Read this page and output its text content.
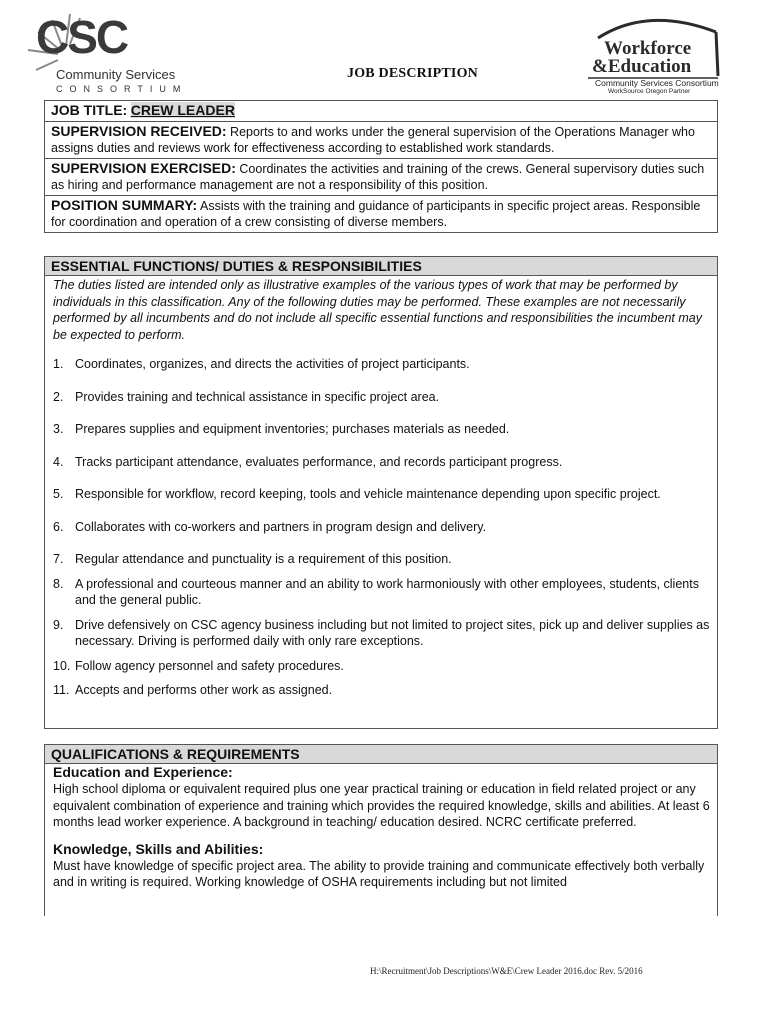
CSC
Community Services
CONSORTIUM
JOB DESCRIPTION
Workforce
&Education
Community Services Consortium
WorkSource Oregon Partner
JOB TITLE: CREW LEADER
SUPERVISION RECEIVED: Reports to and works under the general supervision of the Operations Manager who assigns duties and reviews work for effectiveness according to established work standards.
SUPERVISION EXERCISED: Coordinates the activities and training of the crews. General supervisory duties such as hiring and performance management are not a responsibility of this position.
POSITION SUMMARY: Assists with the training and guidance of participants in specific project areas. Responsible for coordination and operation of a crew consisting of diverse members.
ESSENTIAL FUNCTIONS/ DUTIES & RESPONSIBILITIES
The duties listed are intended only as illustrative examples of the various types of work that may be performed by individuals in this classification. Any of the following duties may be performed. These examples are not necessarily performed by all incumbents and do not include all specific essential functions and responsibilities the incumbent may be expected to perform.
1. Coordinates, organizes, and directs the activities of project participants.
2. Provides training and technical assistance in specific project area.
3. Prepares supplies and equipment inventories; purchases materials as needed.
4. Tracks participant attendance, evaluates performance, and records participant progress.
5. Responsible for workflow, record keeping, tools and vehicle maintenance depending upon specific project.
6. Collaborates with co-workers and partners in program design and delivery.
7. Regular attendance and punctuality is a requirement of this position.
8. A professional and courteous manner and an ability to work harmoniously with other employees, students, clients and the general public.
9. Drive defensively on CSC agency business including but not limited to project sites, pick up and deliver supplies as necessary. Driving is performed daily with only rare exceptions.
10. Follow agency personnel and safety procedures.
11. Accepts and performs other work as assigned.
QUALIFICATIONS & REQUIREMENTS
Education and Experience:
High school diploma or equivalent required plus one year practical training or education in field related project or any equivalent combination of experience and training which provides the required knowledge, skills and abilities. At least 6 months lead worker experience. A background in teaching/ education desired. NCRC certificate preferred.
Knowledge, Skills and Abilities:
Must have knowledge of specific project area. The ability to provide training and communicate effectively both verbally and in writing is required. Working knowledge of OSHA requirements including but not limited
H:\Recruitment\Job Descriptions\W&E\Crew Leader 2016.doc Rev. 5/2016
